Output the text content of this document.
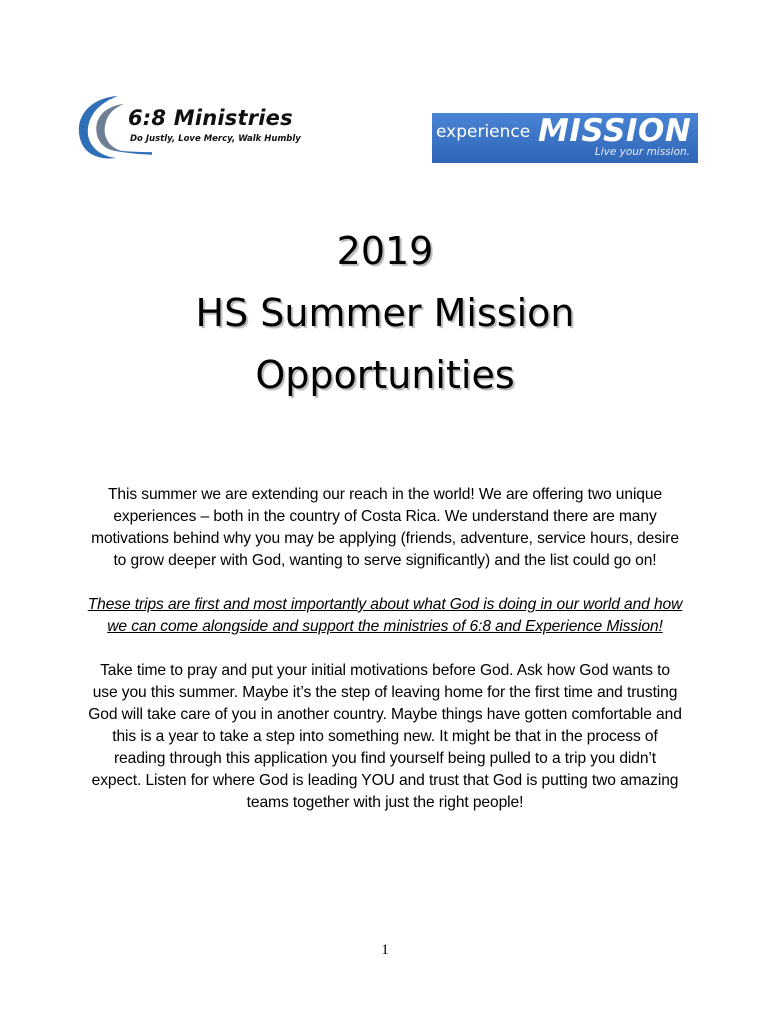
6:8 Ministries
Do Justly, Love Mercy, Walk Humbly	experience MISSION
Live your mission.
2019
HS Summer Mission
Opportunities

This summer we are extending our reach in the world! We are offering two unique
experiences – both in the country of Costa Rica. We understand there are many
motivations behind why you may be applying (friends, adventure, service hours, desire
to grow deeper with God, wanting to serve significantly) and the list could go on!

These trips are first and most importantly about what God is doing in our world and how
we can come alongside and support the ministries of 6:8 and Experience Mission!

Take time to pray and put your initial motivations before God. Ask how God wants to
use you this summer. Maybe it’s the step of leaving home for the first time and trusting
God will take care of you in another country. Maybe things have gotten comfortable and
this is a year to take a step into something new. It might be that in the process of
reading through this application you find yourself being pulled to a trip you didn’t
expect. Listen for where God is leading YOU and trust that God is putting two amazing
teams together with just the right people!

1
